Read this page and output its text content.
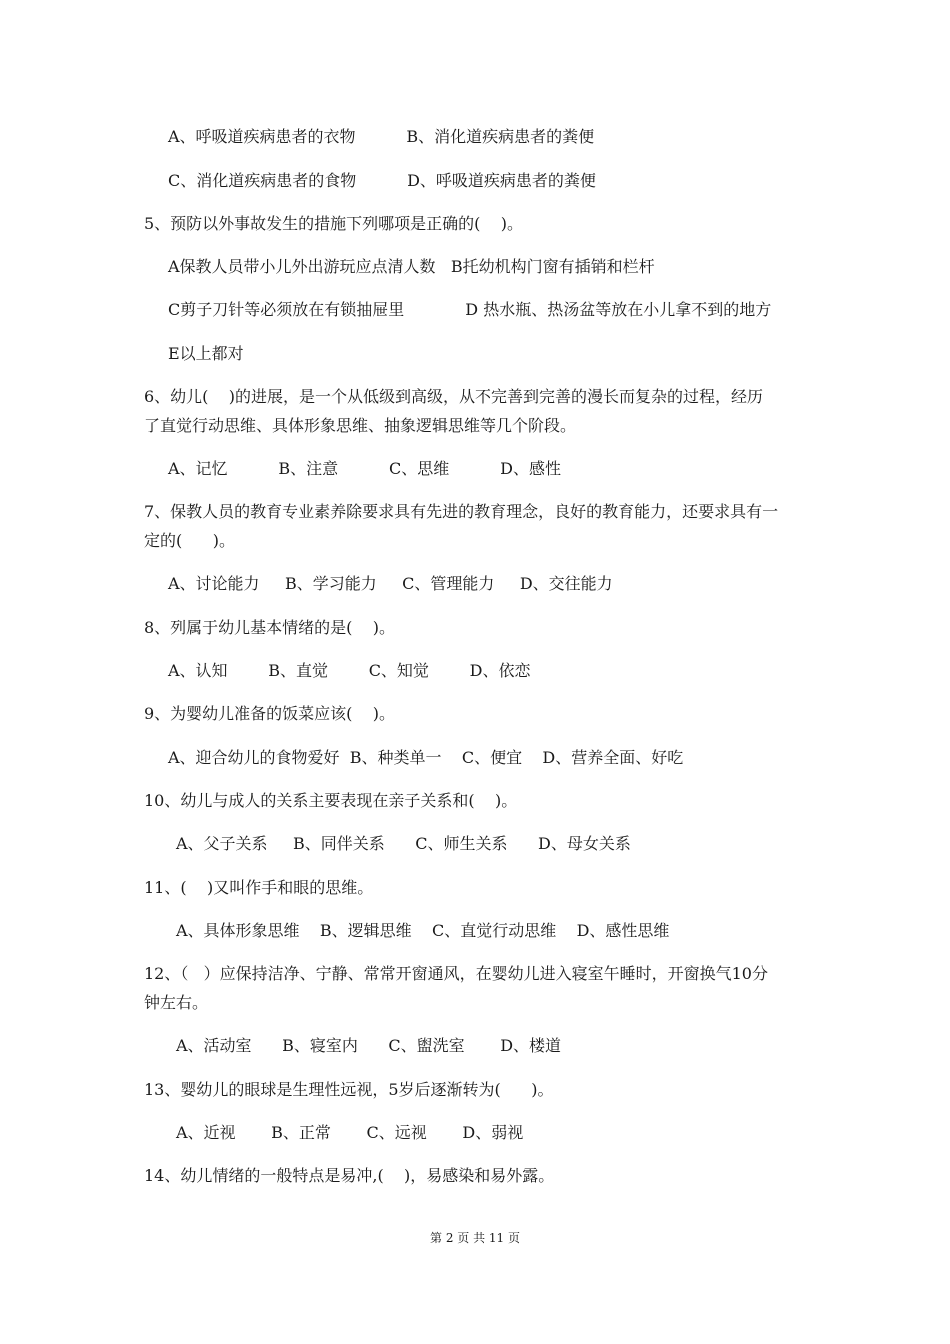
A、呼吸道疾病患者的衣物          B、消化道疾病患者的粪便
C、消化道疾病患者的食物          D、呼吸道疾病患者的粪便
5、预防以外事故发生的措施下列哪项是正确的(    )。
A保教人员带小儿外出游玩应点清人数   B托幼机构门窗有插销和栏杆
C剪子刀针等必须放在有锁抽屉里            D 热水瓶、热汤盆等放在小儿拿不到的地方
E以上都对
6、幼儿(    )的进展，是一个从低级到高级，从不完善到完善的漫长而复杂的过程，经历
了直觉行动思维、具体形象思维、抽象逻辑思维等几个阶段。
A、记忆          B、注意          C、思维          D、感性
7、保教人员的教育专业素养除要求具有先进的教育理念，良好的教育能力，还要求具有一
定的(      )。
A、讨论能力     B、学习能力     C、管理能力     D、交往能力
8、列属于幼儿基本情绪的是(    )。
A、认知        B、直觉        C、知觉        D、依恋
9、为婴幼儿准备的饭菜应该(    )。
A、迎合幼儿的食物爱好  B、种类单一    C、便宜    D、营养全面、好吃
10、幼儿与成人的关系主要表现在亲子关系和(    )。
A、父子关系     B、同伴关系      C、师生关系      D、母女关系
11、(    )又叫作手和眼的思维。
A、具体形象思维    B、逻辑思维    C、直觉行动思维    D、感性思维
12、（   ）应保持洁净、宁静、常常开窗通风，在婴幼儿进入寝室午睡时，开窗换气10分
钟左右。
A、活动室      B、寝室内      C、盥洗室       D、楼道
13、婴幼儿的眼球是生理性远视，5岁后逐渐转为(      )。
A、近视       B、正常       C、远视       D、弱视
14、幼儿情绪的一般特点是易冲,(    )，易感染和易外露。
第 2 页 共 11 页
